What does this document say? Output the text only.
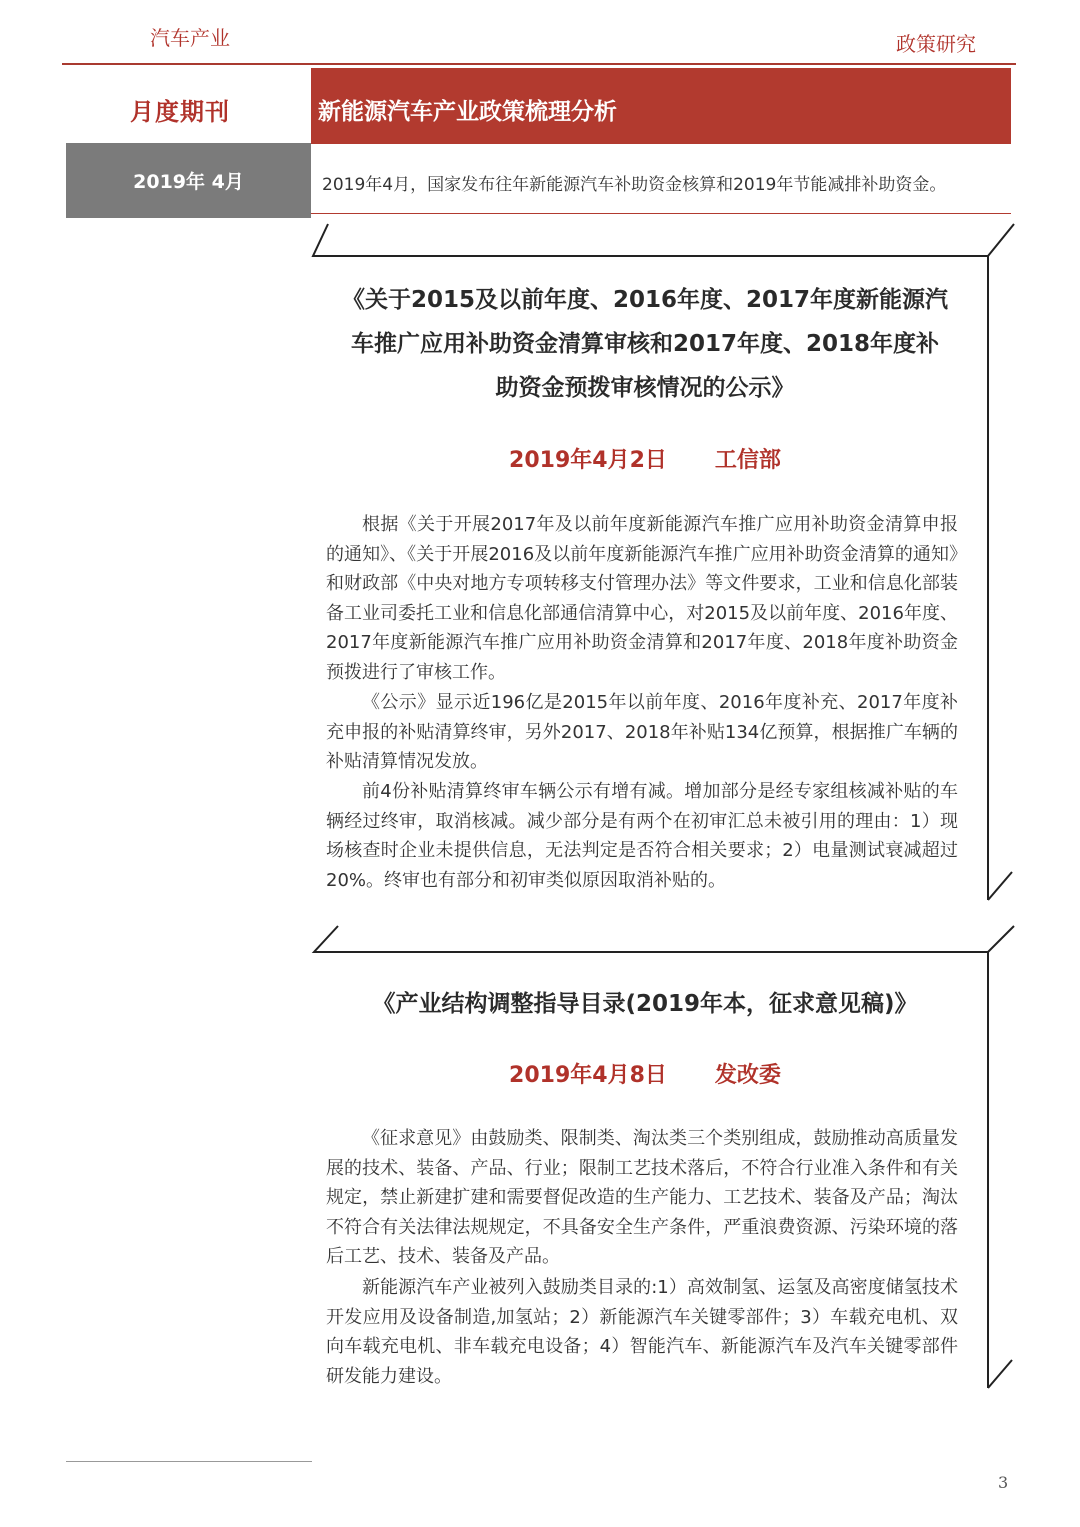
汽车产业	政策研究
新能源汽车产业政策梳理分析
月度期刊
2019年 4月	2019年4月，国家发布往年新能源汽车补助资金核算和2019年节能减排补助资金。
《关于2015及以前年度、2016年度、2017年度新能源汽
车推广应用补助资金清算审核和2017年度、2018年度补
助资金预拨审核情况的公示》
2019年4月2日 工信部

根据《关于开展2017年及以前年度新能源汽车推广应用补助资金清算申报的通知》、《关于开展2016及以前年度新能源汽车推广应用补助资金清算的通知》和财政部《中央对地方专项转移支付管理办法》等文件要求，工业和信息化部装备工业司委托工业和信息化部通信清算中心，对2015及以前年度、2016年度、2017年度新能源汽车推广应用补助资金清算和2017年度、2018年度补助资金预拨进行了审核工作。

《公示》显示近196亿是2015年以前年度、2016年度补充、2017年度补充申报的补贴清算终审，另外2017、2018年补贴134亿预算，根据推广车辆的补贴清算情况发放。

前4份补贴清算终审车辆公示有增有减。增加部分是经专家组核减补贴的车辆经过终审，取消核减。减少部分是有两个在初审汇总未被引用的理由：1）现场核查时企业未提供信息，无法判定是否符合相关要求；2）电量测试衰减超过20%。终审也有部分和初审类似原因取消补贴的。

《产业结构调整指导目录(2019年本，征求意见稿)》
2019年4月8日 发改委

《征求意见》由鼓励类、限制类、淘汰类三个类别组成，鼓励推动高质量发展的技术、装备、产品、行业；限制工艺技术落后，不符合行业准入条件和有关规定，禁止新建扩建和需要督促改造的生产能力、工艺技术、装备及产品；淘汰不符合有关法律法规规定，不具备安全生产条件，严重浪费资源、污染环境的落后工艺、技术、装备及产品。

新能源汽车产业被列入鼓励类目录的:1）高效制氢、运氢及高密度储氢技术开发应用及设备制造,加氢站；2）新能源汽车关键零部件；3）车载充电机、双向车载充电机、非车载充电设备；4）智能汽车、新能源汽车及汽车关键零部件研发能力建设。

3
